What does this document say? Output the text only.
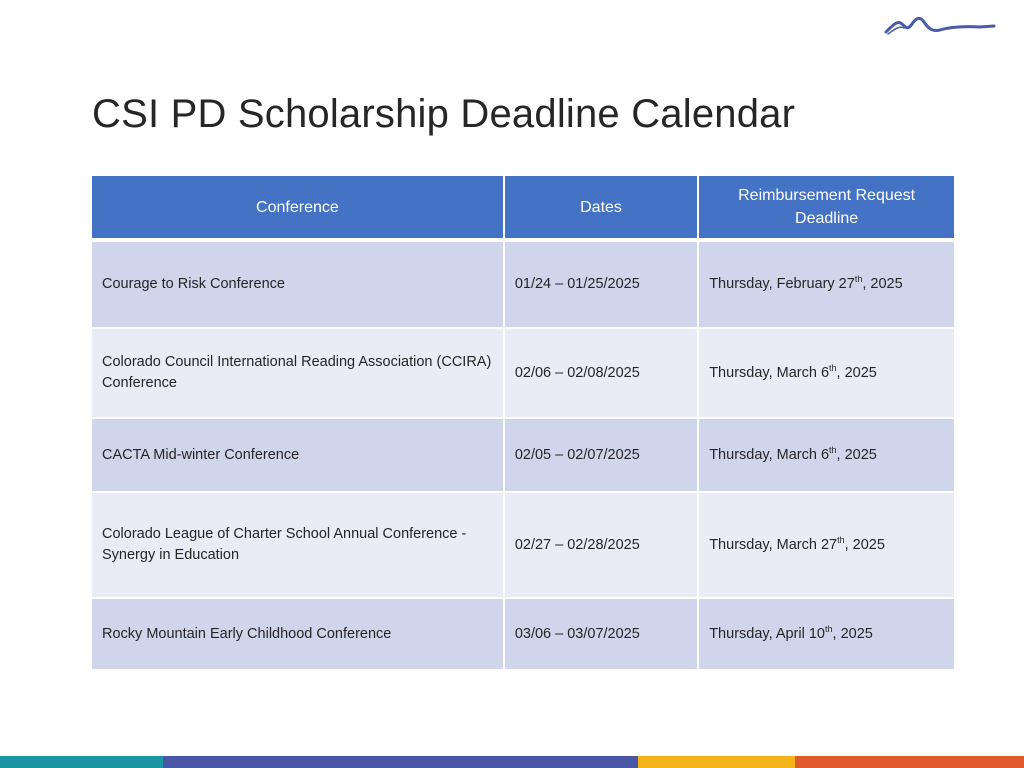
CSI PD Scholarship Deadline Calendar
Conference	Dates	Reimbursement Request Deadline
Courage to Risk Conference	01/24 – 01/25/2025	Thursday, February 27th, 2025
Colorado Council International Reading Association (CCIRA) Conference	02/06 – 02/08/2025	Thursday, March 6th, 2025
CACTA Mid-winter Conference	02/05 – 02/07/2025	Thursday, March 6th, 2025
Colorado League of Charter School Annual Conference - Synergy in Education	02/27 – 02/28/2025	Thursday, March 27th, 2025
Rocky Mountain Early Childhood Conference	03/06 – 03/07/2025	Thursday, April 10th, 2025
